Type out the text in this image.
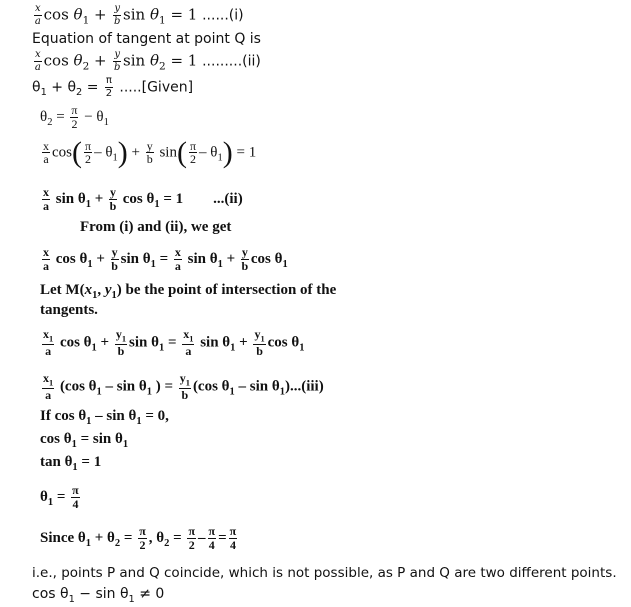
$\frac{x}{a}$ $\cos \theta_1 + \frac{y}{b}$ $\sin \theta_1 = 1$ ......(i)
Equation of tangent at point Q is
$\frac{x}{a}$ $\cos \theta_2 + \frac{y}{b}$ $\sin \theta_2 = 1$ .........(ii)
$\theta_1 + \theta_2 = \frac{\pi}{2}$ .....[Given]
$\theta_2 = \frac{\pi}{2} - \theta_1$
$\frac{x}{a} \cos( \frac{\pi}{2} - \theta_1) + \frac{y}{b} \sin( \frac{\pi}{2} - \theta_1) = 1$
$\frac{x}{a}$ $\sin \theta_1 + \frac{y}{b}$ $\cos \theta_1 = 1$        ...(ii)
From (i) and (ii), we get
$\frac{x}{a}$ $\cos \theta_1 + \frac{y}{b}$ $\sin \theta_1 = \frac{x}{a}$ $\sin \theta_1 + \frac{y}{b}$ $\cos \theta_1$
Let $M(x_1$, $y_1$) be the point of intersection of the
tangents.
$\frac{x_1}{a}$ $\cos \theta_1 + \frac{y_1}{b}$ $\sin \theta_1 = \frac{x_1}{a}$ $\sin \theta_1 + \frac{y_1}{b}$ $\cos \theta_1$
$\frac{x_1}{a} (\cos$ $\theta_1$ – $\sin \theta_1$ ) = $\frac{y_1}{b} (\cos$ $\theta_1$ – $\sin \theta_1)...(iii)$
If $\cos \theta_1 - \sin \theta_1 = 0$,
$\cos \theta_1 = \sin \theta_1$
$\tan \theta_1 = 1$
$\theta_1 = \frac{\pi}{4}$
Since $\theta_1 + \theta_2 = \frac{\pi}{2}$ , $\theta_2 = \frac{\pi}{2} - \frac{\pi}{4} = \frac{\pi}{4}$
i.e., points P and Q coincide, which is not possible, as P and Q are two different points.
$\cos \theta_1 - \sin \theta_1 \ne 0$
